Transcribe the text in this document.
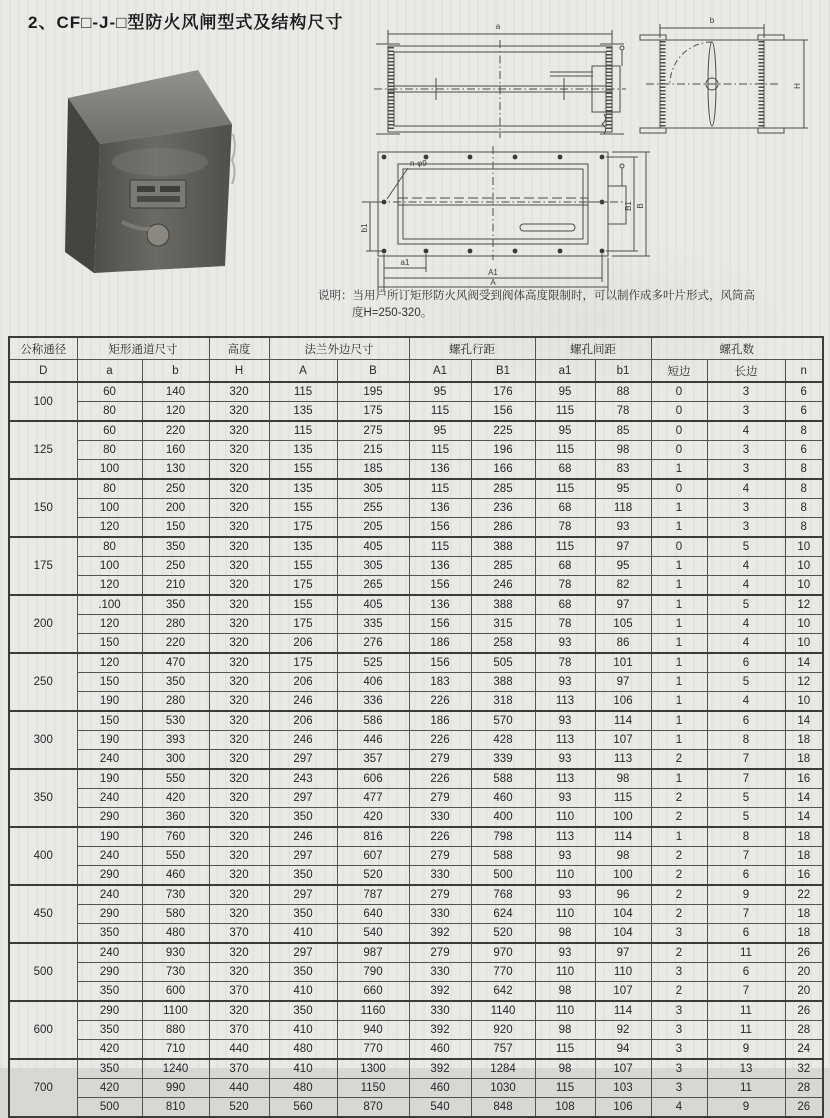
2、CF□-J-□型防火风闸型式及结构尺寸	a
b
H
n-φ9
b1
a1
A1
A
B1 B
说明：当用户所订矩形防火风阀受到阀体高度限制时，可以制作成多叶片形式，风筒高
度H=250-320。
公称通径	矩形通道尺寸		高度	法兰外边尺寸		螺孔行距		螺孔间距		螺孔数		
D	a	b	H	A	B	A1	B1	a1	b1	短边	长边	n
100	60	140	320	115	195	95	176	95	88	0	3	6
	80	120	320	135	175	115	156	115	78	0	3	6
125	60	220	320	115	275	95	225	95	85	0	4	8
	80	160	320	135	215	115	196	115	98	0	3	6
	100	130	320	155	185	136	166	68	83	1	3	8
150	80	250	320	135	305	115	285	115	95	0	4	8
	100	200	320	155	255	136	236	68	118	1	3	8
	120	150	320	175	205	156	286	78	93	1	3	8
175	80	350	320	135	405	115	388	115	97	0	5	10
	100	250	320	155	305	136	285	68	95	1	4	10
	120	210	320	175	265	156	246	78	82	1	4	10
200	.100	350	320	155	405	136	388	68	97	1	5	12
	120	280	320	175	335	156	315	78	105	1	4	10
	150	220	320	206	276	186	258	93	86	1	4	10
250	120	470	320	175	525	156	505	78	101	1	6	14
	150	350	320	206	406	183	388	93	97	1	5	12
	190	280	320	246	336	226	318	113	106	1	4	10
300	150	530	320	206	586	186	570	93	114	1	6	14
	190	393	320	246	446	226	428	113	107	1	8	18
	240	300	320	297	357	279	339	93	113	2	7	18
350	190	550	320	243	606	226	588	113	98	1	7	16
	240	420	320	297	477	279	460	93	115	2	5	14
	290	360	320	350	420	330	400	110	100	2	5	14
400	190	760	320	246	816	226	798	113	114	1	8	18
	240	550	320	297	607	279	588	93	98	2	7	18
	290	460	320	350	520	330	500	110	100	2	6	16
450	240	730	320	297	787	279	768	93	96	2	9	22
	290	580	320	350	640	330	624	110	104	2	7	18
	350	480	370	410	540	392	520	98	104	3	6	18
500	240	930	320	297	987	279	970	93	97	2	11	26
	290	730	320	350	790	330	770	110	110	3	6	20
	350	600	370	410	660	392	642	98	107	2	7	20
600	290	1100	320	350	1160	330	1140	110	114	3	11	26
	350	880	370	410	940	392	920	98	92	3	11	28
	420	710	440	480	770	460	757	115	94	3	9	24
700	350	1240	370	410	1300	392	1284	98	107	3	13	32
	420	990	440	480	1150	460	1030	115	103	3	11	28
	500	810	520	560	870	540	848	108	106	4	9	26
